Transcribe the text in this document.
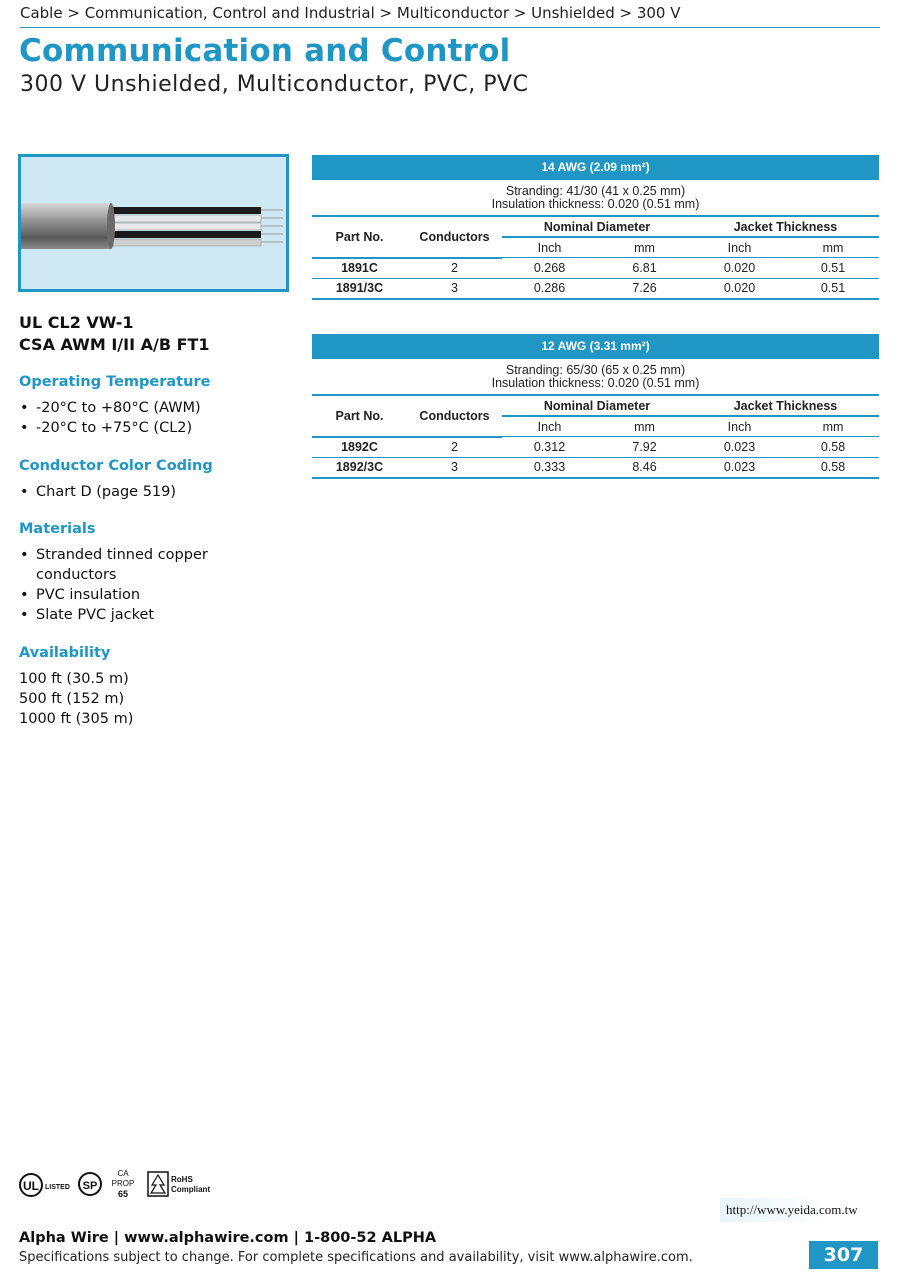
Cable > Communication, Control and Industrial > Multiconductor > Unshielded > 300 V
Communication and Control
300 V Unshielded, Multiconductor, PVC, PVC
UL CL2 VW-1
CSA AWM I/II A/B FT1
Operating Temperature
• -20°C to +80°C (AWM)
• -20°C to +75°C (CL2)
Conductor Color Coding
• Chart D (page 519)
Materials
• Stranded tinned copper conductors
• PVC insulation
• Slate PVC jacket
Availability
100 ft (30.5 m)
500 ft (152 m)
1000 ft (305 m)
14 AWG (2.09 mm²)
Stranding: 41/30 (41 x 0.25 mm)
Insulation thickness: 0.020 (0.51 mm)
Part No.	Conductors	Nominal Diameter		Jacket Thickness	
		Inch	mm	Inch	mm
1891C	2	0.268	6.81	0.020	0.51
1891/3C	3	0.286	7.26	0.020	0.51
12 AWG (3.31 mm²)
Stranding: 65/30 (65 x 0.25 mm)
Insulation thickness: 0.020 (0.51 mm)
Part No.	Conductors	Nominal Diameter		Jacket Thickness	
		Inch	mm	Inch	mm
1892C	2	0.312	7.92	0.023	0.58
1892/3C	3	0.333	8.46	0.023	0.58
UL LISTED SP
CA
PROP
65
RoHS
Compliant
http://www.yeida.com.tw
Alpha Wire | www.alphawire.com | 1-800-52 ALPHA
Specifications subject to change. For complete specifications and availability, visit www.alphawire.com.	307
